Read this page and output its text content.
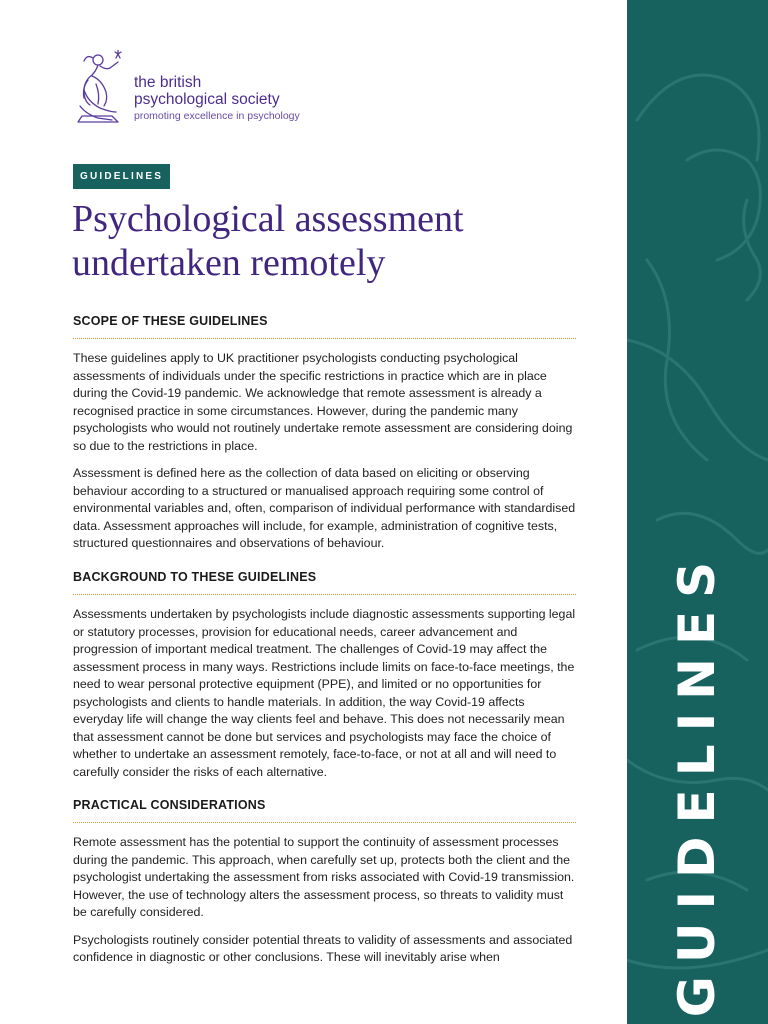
the british
psychological society
promoting excellence in psychology
GUIDELINES
Psychological assessment
undertaken remotely
SCOPE OF THESE GUIDELINES

These guidelines apply to UK practitioner psychologists conducting psychological assessments of individuals under the specific restrictions in practice which are in place during the Covid-19 pandemic. We acknowledge that remote assessment is already a recognised practice in some circumstances. However, during the pandemic many psychologists who would not routinely undertake remote assessment are considering doing so due to the restrictions in place.

Assessment is defined here as the collection of data based on eliciting or observing behaviour according to a structured or manualised approach requiring some control of environmental variables and, often, comparison of individual performance with standardised data. Assessment approaches will include, for example, administration of cognitive tests, structured questionnaires and observations of behaviour.

BACKGROUND TO THESE GUIDELINES

Assessments undertaken by psychologists include diagnostic assessments supporting legal or statutory processes, provision for educational needs, career advancement and progression of important medical treatment. The challenges of Covid-19 may affect the assessment process in many ways. Restrictions include limits on face-to-face meetings, the need to wear personal protective equipment (PPE), and limited or no opportunities for psychologists and clients to handle materials. In addition, the way Covid-19 affects everyday life will change the way clients feel and behave. This does not necessarily mean that assessment cannot be done but services and psychologists may face the choice of whether to undertake an assessment remotely, face-to-face, or not at all and will need to carefully consider the risks of each alternative.

PRACTICAL CONSIDERATIONS

Remote assessment has the potential to support the continuity of assessment processes during the pandemic. This approach, when carefully set up, protects both the client and the psychologist undertaking the assessment from risks associated with Covid-19 transmission. However, the use of technology alters the assessment process, so threats to validity must be carefully considered.

Psychologists routinely consider potential threats to validity of assessments and associated confidence in diagnostic or other conclusions. These will inevitably arise when	GUIDELINES
